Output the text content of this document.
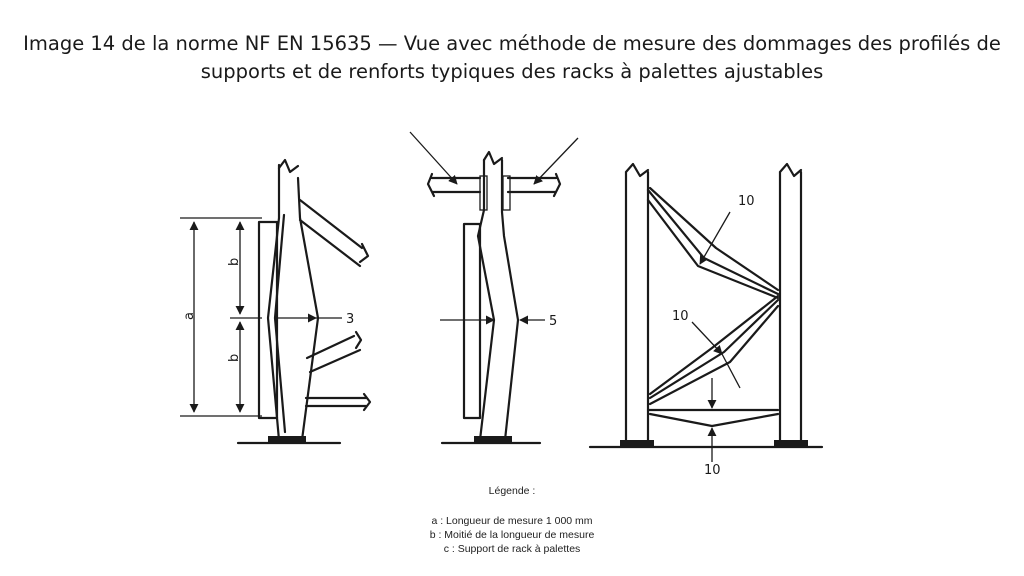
Image 14 de la norme NF EN 15635 — Vue avec méthode de mesure des dommages des profilés de
supports et de renforts typiques des racks à palettes ajustables
a
b
b
3	5
10
10
10
Légende :
a : Longueur de mesure 1 000 mm
b : Moitié de la longueur de mesure
c : Support de rack à palettes
